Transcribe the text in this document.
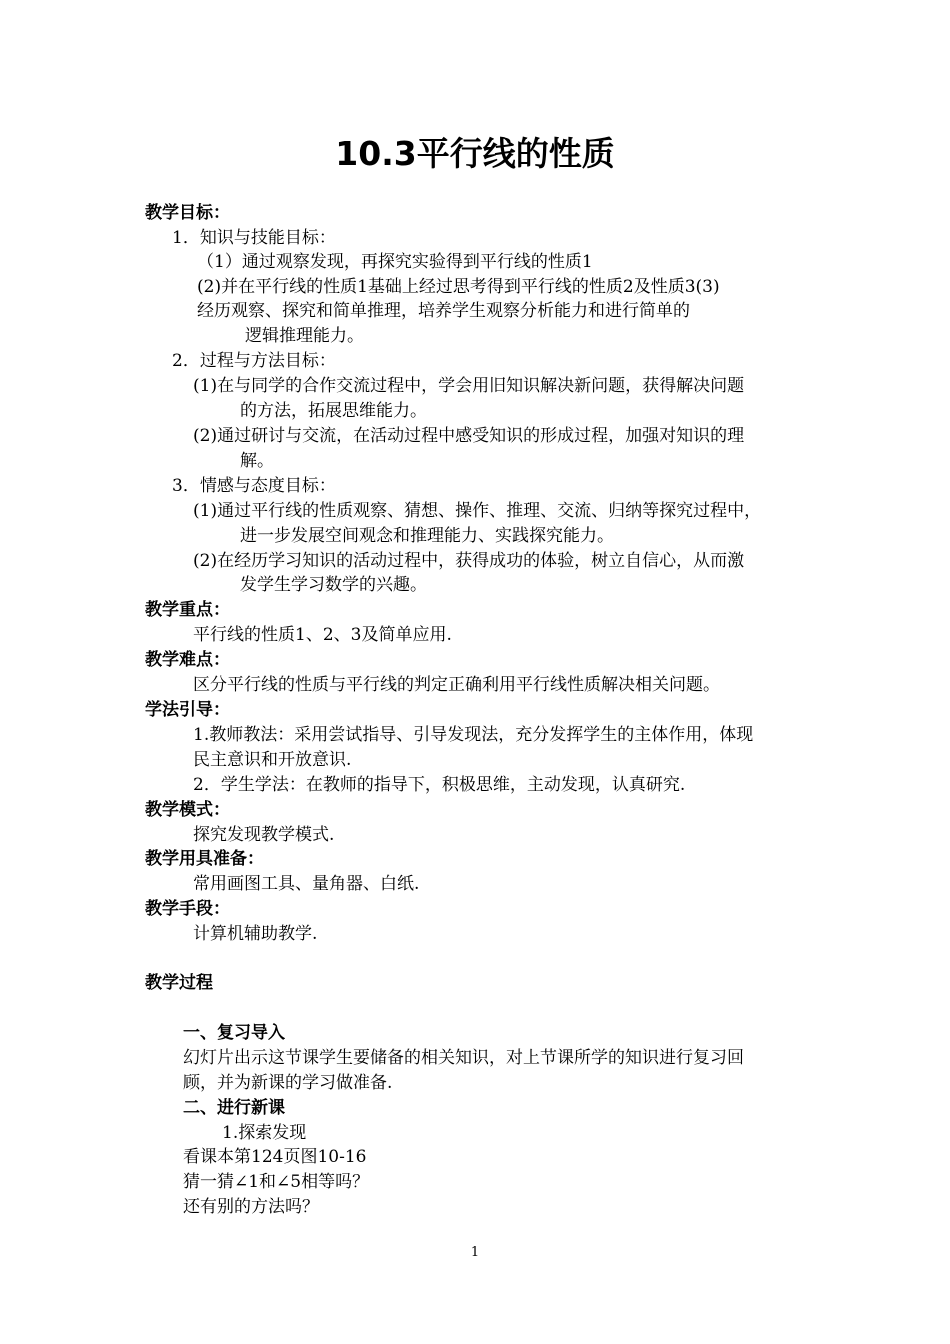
10.3平行线的性质
教学目标：
1．知识与技能目标：
（1）通过观察发现，再探究实验得到平行线的性质1
(2)并在平行线的性质1基础上经过思考得到平行线的性质2及性质3(3)
经历观察、探究和简单推理，培养学生观察分析能力和进行简单的
逻辑推理能力。
2．过程与方法目标：
(1)在与同学的合作交流过程中，学会用旧知识解决新问题，获得解决问题
的方法，拓展思维能力。
(2)通过研讨与交流，在活动过程中感受知识的形成过程，加强对知识的理
解。
3．情感与态度目标：
(1)通过平行线的性质观察、猜想、操作、推理、交流、归纳等探究过程中，
进一步发展空间观念和推理能力、实践探究能力。
(2)在经历学习知识的活动过程中，获得成功的体验，树立自信心，从而激
发学生学习数学的兴趣。
教学重点：
平行线的性质1、2、3及简单应用.
教学难点：
区分平行线的性质与平行线的判定正确利用平行线性质解决相关问题。
学法引导：
1.教师教法：采用尝试指导、引导发现法，充分发挥学生的主体作用，体现
民主意识和开放意识.
2．学生学法：在教师的指导下，积极思维，主动发现，认真研究.
教学模式：
探究发现教学模式.
教学用具准备：
常用画图工具、量角器、白纸.
教学手段：
计算机辅助教学.
教学过程
一、复习导入
幻灯片出示这节课学生要储备的相关知识，对上节课所学的知识进行复习回
顾，并为新课的学习做准备.
二、进行新课
1.探索发现
看课本第124页图10-16
猜一猜∠1和∠5相等吗？
还有别的方法吗？
1
